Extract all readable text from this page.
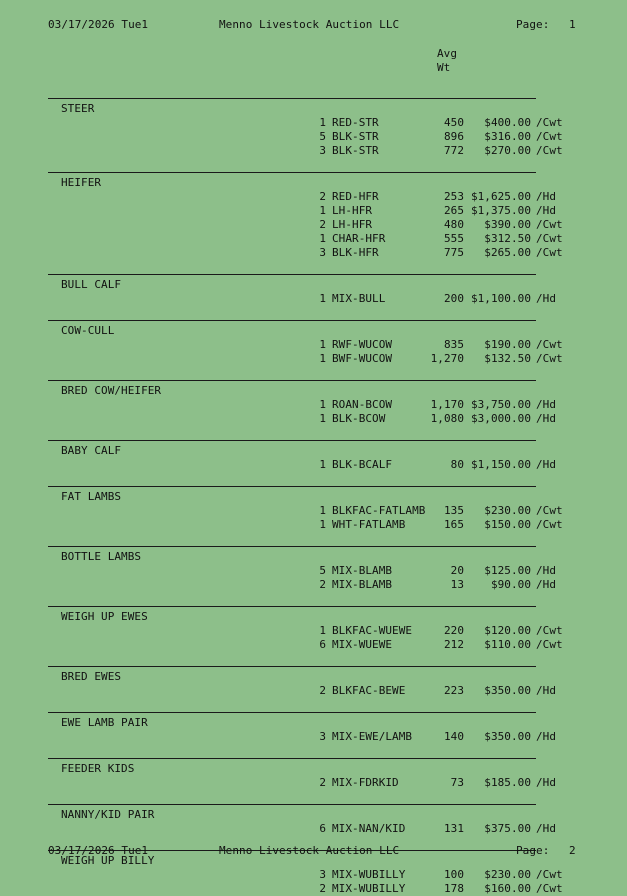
03/17/2026 Tue1	Menno Livestock Auction LLC	Page: 1
Avg
Wt
STEER
1 RED-STR	450	$400.00 /Cwt
5 BLK-STR	896	$316.00 /Cwt
3 BLK-STR	772	$270.00 /Cwt
HEIFER
2 RED-HFR	253 $1,625.00 /Hd
1 LH-HFR	265 $1,375.00 /Hd
2 LH-HFR	480	$390.00 /Cwt
1 CHAR-HFR	555	$312.50 /Cwt
3 BLK-HFR	775	$265.00 /Cwt
BULL CALF
1 MIX-BULL	200 $1,100.00 /Hd
COW-CULL
1 RWF-WUCOW	835	$190.00 /Cwt
1 BWF-WUCOW	1,270	$132.50 /Cwt
BRED COW/HEIFER
1 ROAN-BCOW	1,170 $3,750.00 /Hd
1 BLK-BCOW	1,080 $3,000.00 /Hd
BABY CALF
1 BLK-BCALF	80 $1,150.00 /Hd
FAT LAMBS
1 BLKFAC-FATLAMB	135	$230.00 /Cwt
1 WHT-FATLAMB	165	$150.00 /Cwt
BOTTLE LAMBS
5 MIX-BLAMB	20	$125.00 /Hd
2 MIX-BLAMB	13	$90.00 /Hd
WEIGH UP EWES
1 BLKFAC-WUEWE	220	$120.00 /Cwt
6 MIX-WUEWE	212	$110.00 /Cwt
BRED EWES
2 BLKFAC-BEWE	223	$350.00 /Hd
EWE LAMB PAIR
3 MIX-EWE/LAMB	140	$350.00 /Hd
FEEDER KIDS
2 MIX-FDRKID	73	$185.00 /Hd
NANNY/KID PAIR
6 MIX-NAN/KID	131	$375.00 /Hd
WEIGH UP BILLY
3 MIX-WUBILLY	100	$230.00 /Cwt
2 MIX-WUBILLY	178	$160.00 /Cwt
03/17/2026 Tue1	Menno Livestock Auction LLC	Page: 2
